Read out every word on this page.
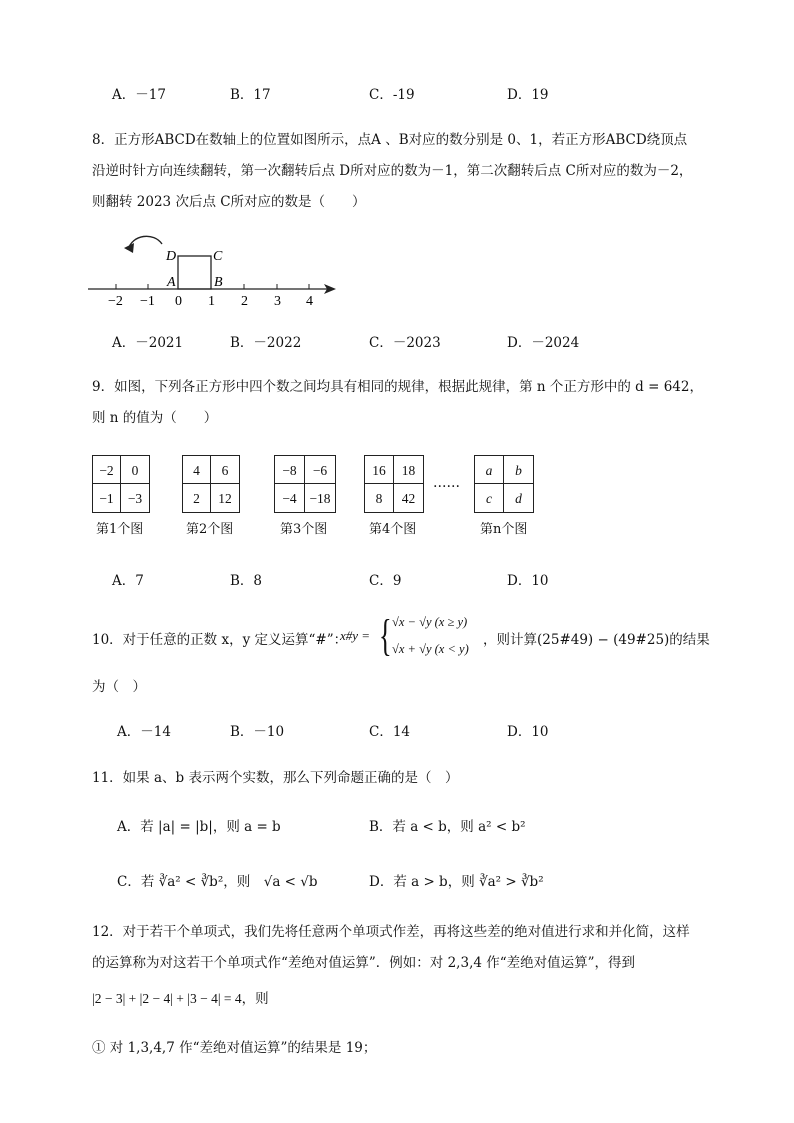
A．－17	B．17	C．-19	D．19
8．正方形ABCD在数轴上的位置如图所示，点A 、B对应的数分别是 0、1，若正方形ABCD绕顶点
沿逆时针方向连续翻转，第一次翻转后点 D所对应的数为－1，第二次翻转后点 C所对应的数为－2，
则翻转 2023 次后点 C所对应的数是（　　）
−2 −1 0 1 2 3 4
D	C
A	B
A．－2021	B．－2022	C．－2023	D．－2024
9．如图，下列各正方形中四个数之间均具有相同的规律，根据此规律，第 n 个正方形中的 d = 642，
则 n 的值为（　　）
−2	0
−1	−3
第1个图
4	6
2	12
第2个图
−8	−6
−4 −18
第3个图
16	18
8	42
第4个图
……
a	b
c	d
第n个图
A．7	B．8	C．9	D．10
10．对于任意的正数 x，y 定义运算“#”：
x#y = { √x − √y (x ≥ y)
√x + √y (x < y)
，则计算(25#49) − (49#25)的结果
为（　）
A．－14	B．－10	C．14	D．10
11．如果 a、b 表示两个实数，那么下列命题正确的是（　）
A．若 |a| = |b|，则 a = b	B．若 a < b，则 a² < b²
C．若 ∛a² < ∛b²，则　√a < √b	D．若 a > b，则 ∛a² > ∛b²
12．对于若干个单项式，我们先将任意两个单项式作差，再将这些差的绝对值进行求和并化简，这样
的运算称为对这若干个单项式作“差绝对值运算”．例如：对 2,3,4 作“差绝对值运算”，得到
|2 − 3| + |2 − 4| + |3 − 4| = 4，则
① 对 1,3,4,7 作“差绝对值运算”的结果是 19；
